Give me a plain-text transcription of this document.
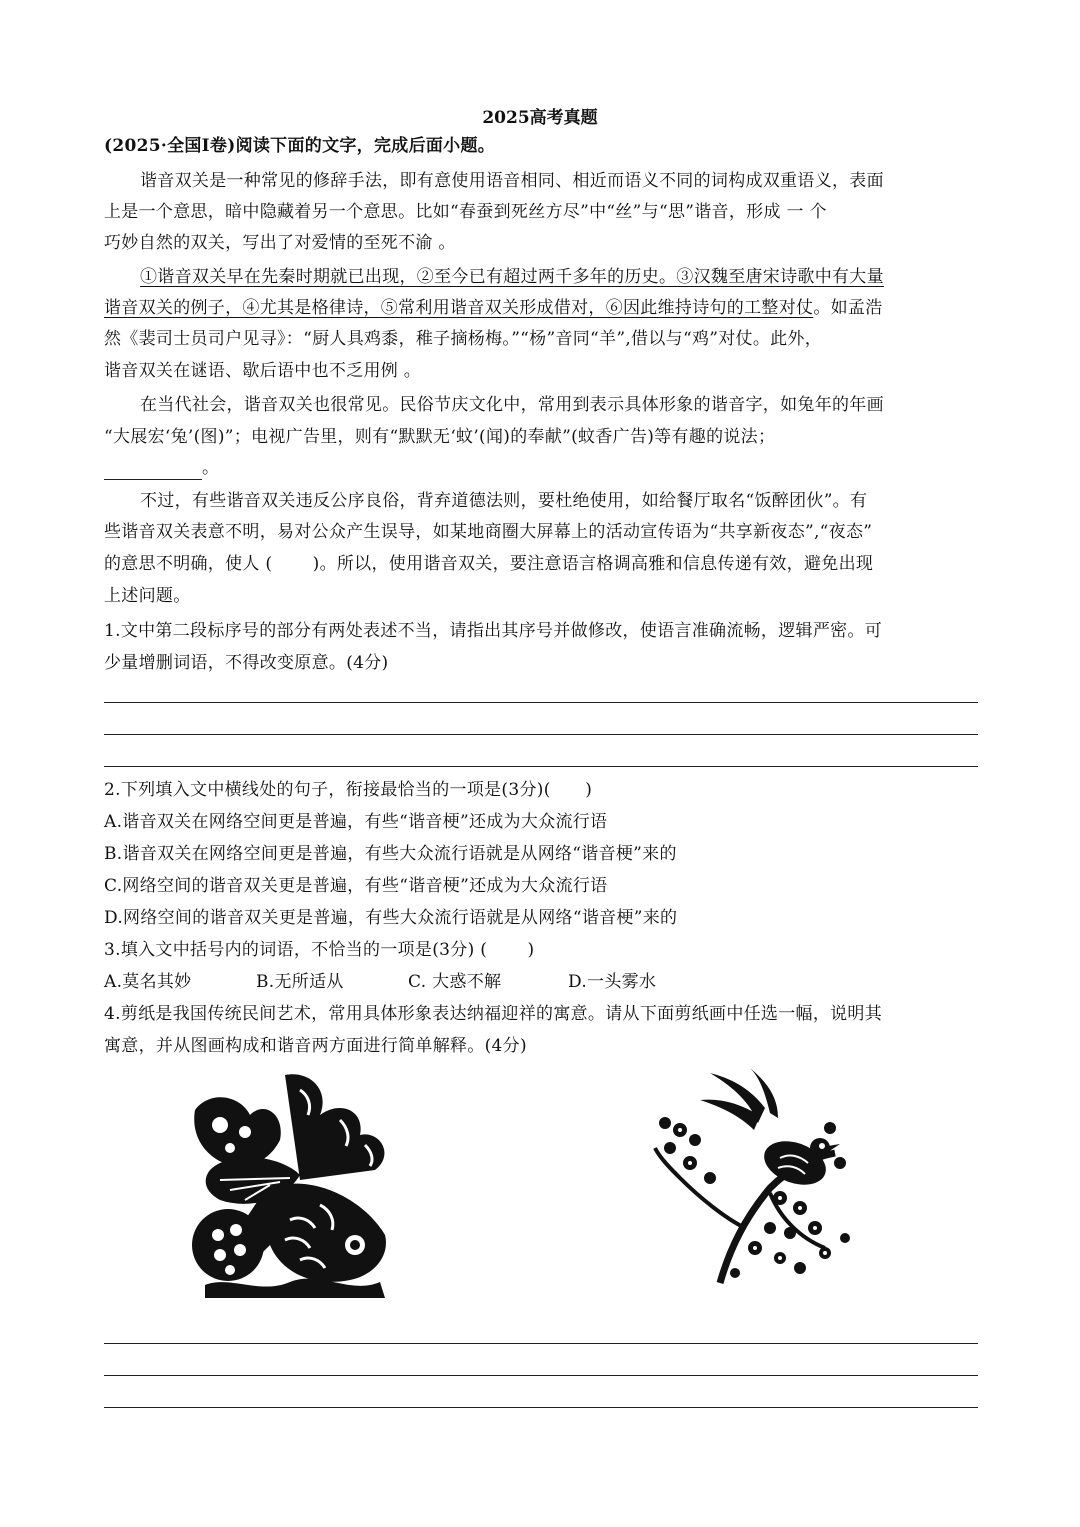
2025高考真题
(2025·全国I卷)阅读下面的文字，完成后面小题。
谐音双关是一种常见的修辞手法，即有意使用语音相同、相近而语义不同的词构成双重语义，表面
上是一个意思，暗中隐藏着另一个意思。比如“春蚕到死丝方尽”中“丝”与“思”谐音，形成 一 个
巧妙自然的双关，写出了对爱情的至死不渝 。
①谐音双关早在先秦时期就已出现，②至今已有超过两千多年的历史。③汉魏至唐宋诗歌中有大量
谐音双关的例子，④尤其是格律诗，⑤常利用谐音双关形成借对，⑥因此维持诗句的工整对仗。如孟浩
然《裴司士员司户见寻》：“厨人具鸡黍，稚子摘杨梅。”“杨”音同“羊”,借以与“鸡”对仗。此外，
谐音双关在谜语、歇后语中也不乏用例 。
在当代社会，谐音双关也很常见。民俗节庆文化中，常用到表示具体形象的谐音字，如兔年的年画
“大展宏‘兔’(图)”；电视广告里，则有“默默无‘蚊’(闻)的奉献”(蚊香广告)等有趣的说法；
。
不过，有些谐音双关违反公序良俗，背弃道德法则，要杜绝使用，如给餐厅取名“饭醉团伙”。有
些谐音双关表意不明，易对公众产生误导，如某地商圈大屏幕上的活动宣传语为“共享新夜态”,“夜态”
的意思不明确，使人 (　　 )。所以，使用谐音双关，要注意语言格调高雅和信息传递有效，避免出现
上述问题。
1.文中第二段标序号的部分有两处表述不当，请指出其序号并做修改，使语言准确流畅，逻辑严密。可
少量增删词语，不得改变原意。(4分)
2.下列填入文中横线处的句子，衔接最恰当的一项是(3分)(　　)
A.谐音双关在网络空间更是普遍，有些“谐音梗”还成为大众流行语
B.谐音双关在网络空间更是普遍，有些大众流行语就是从网络“谐音梗”来的
C.网络空间的谐音双关更是普遍，有些“谐音梗”还成为大众流行语
D.网络空间的谐音双关更是普遍，有些大众流行语就是从网络“谐音梗”来的
3.填入文中括号内的词语，不恰当的一项是(3分) (　　 )
A.莫名其妙	B.无所适从	C. 大惑不解	D.一头雾水
4.剪纸是我国传统民间艺术，常用具体形象表达纳福迎祥的寓意。请从下面剪纸画中任选一幅，说明其
寓意，并从图画构成和谐音两方面进行简单解释。(4分)
